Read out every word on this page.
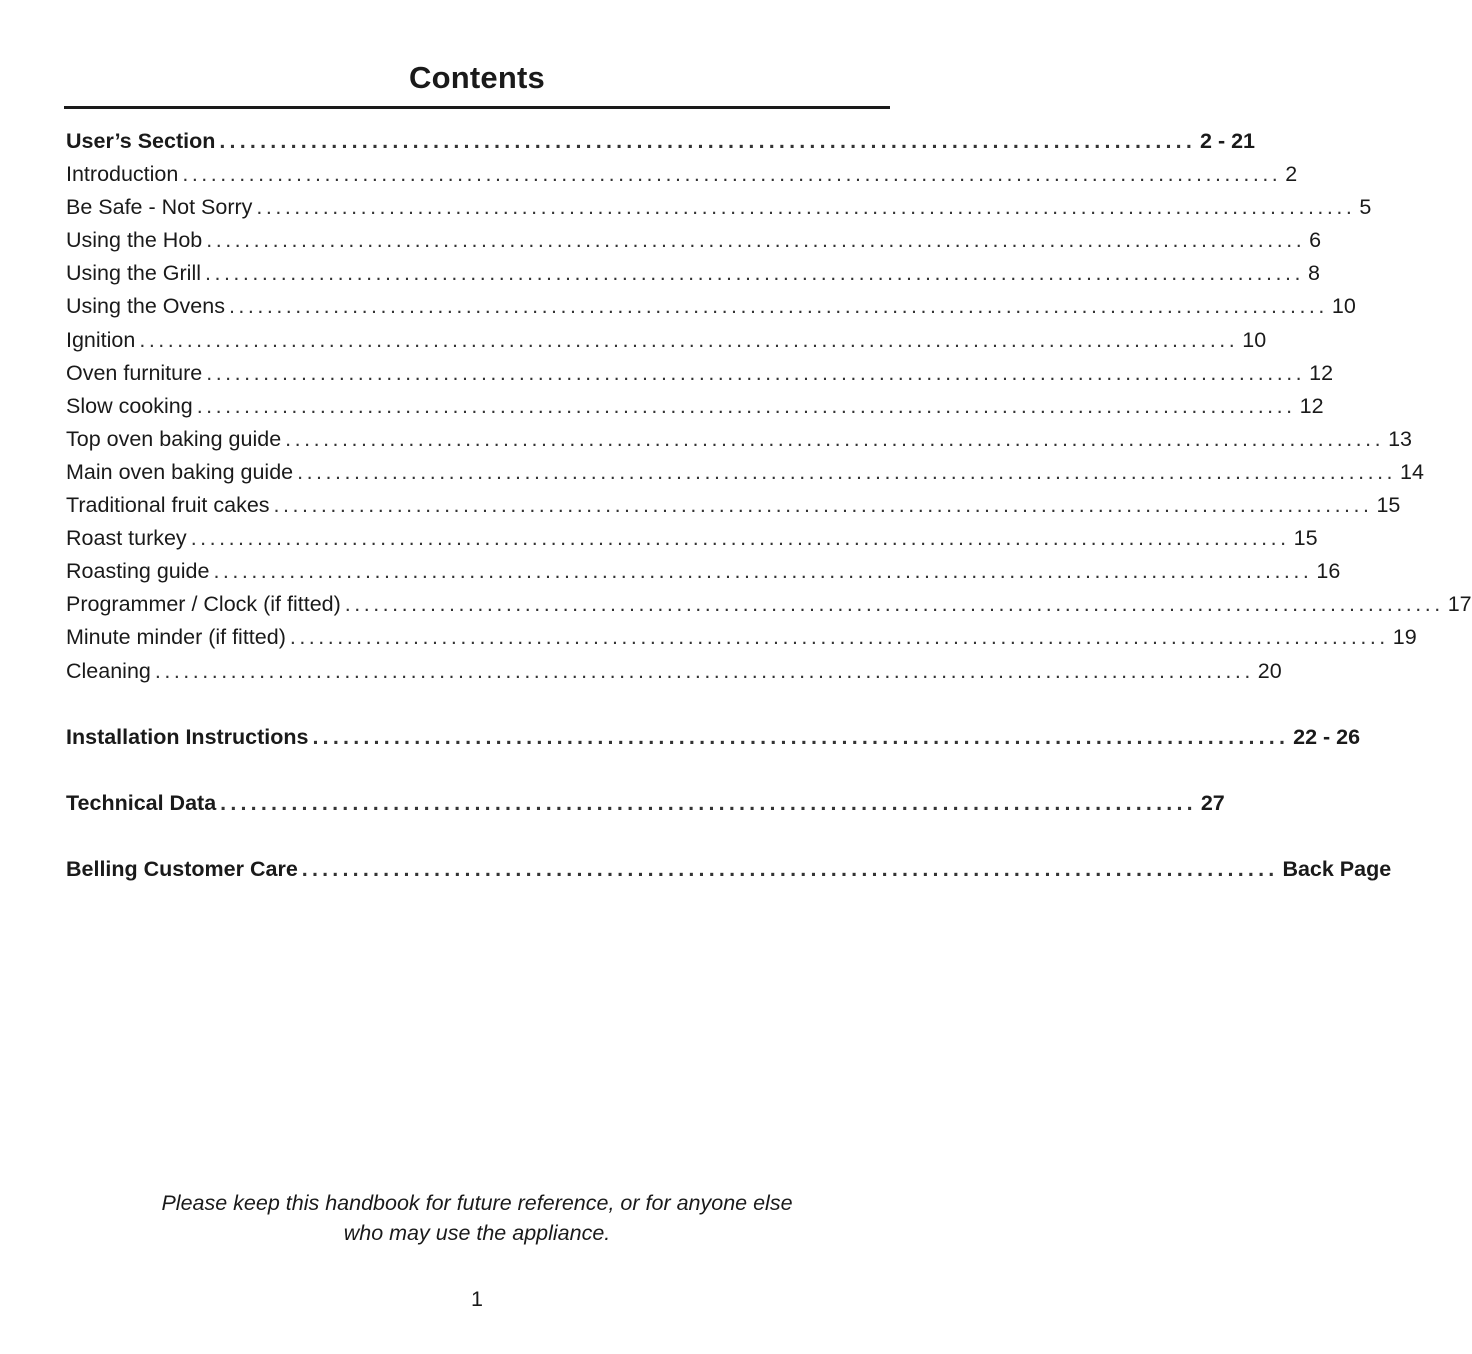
Contents
User’s Section ................................................................................................ 2 - 21
Introduction .................................................................................................................... 2
Be Safe - Not Sorry .................................................................................................................... 5
Using the Hob .................................................................................................................... 6
Using the Grill .................................................................................................................... 8
Using the Ovens .................................................................................................................... 10
Ignition .................................................................................................................... 10
Oven furniture .................................................................................................................... 12
Slow cooking .................................................................................................................... 12
Top oven baking guide .................................................................................................................... 13
Main oven baking guide .................................................................................................................... 14
Traditional fruit cakes .................................................................................................................... 15
Roast turkey .................................................................................................................... 15
Roasting guide .................................................................................................................... 16
Programmer / Clock (if fitted) .................................................................................................................... 17
Minute minder (if fitted) .................................................................................................................... 19
Cleaning .................................................................................................................... 20
Installation Instructions ................................................................................................ 22 - 26
Technical Data ................................................................................................ 27
Belling Customer Care ................................................................................................ Back Page
Please keep this handbook for future reference, or for anyone else
who may use the appliance.
1
